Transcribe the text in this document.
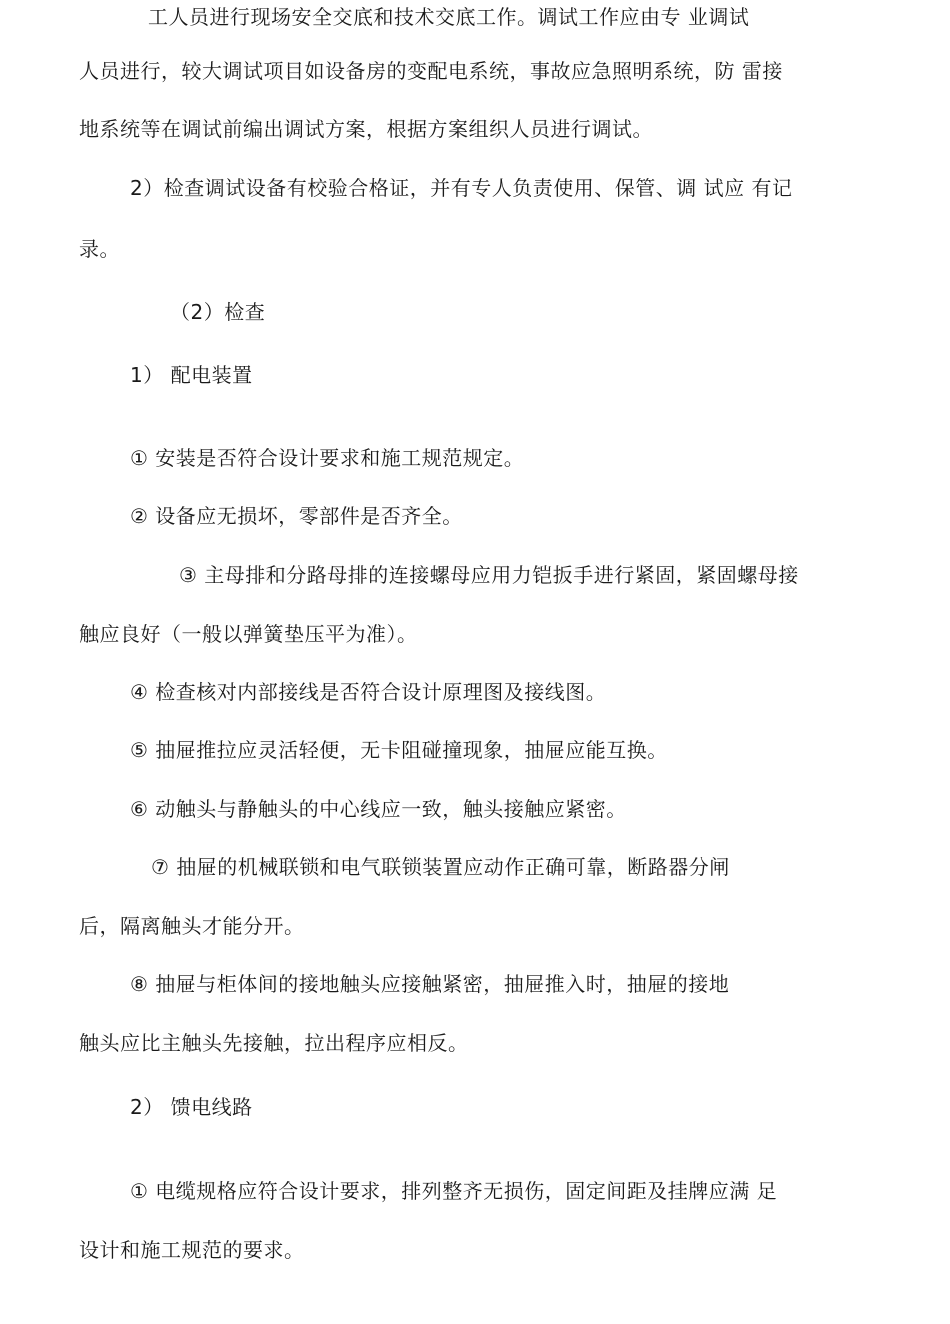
工人员进行现场安全交底和技术交底工作。调试工作应由专 业调试
人员进行，较大调试项目如设备房的变配电系统，事故应急照明系统，防 雷接
地系统等在调试前编出调试方案，根据方案组织人员进行调试。
2）检查调试设备有校验合格证，并有专人负责使用、保管、调 试应 有记
录。
（2）检查
1） 配电装置
① 安装是否符合设计要求和施工规范规定。
② 设备应无损坏，零部件是否齐全。
③ 主母排和分路母排的连接螺母应用力铠扳手进行紧固，紧固螺母接
触应良好（一般以弹簧垫压平为准）。
④ 检查核对内部接线是否符合设计原理图及接线图。
⑤ 抽屉推拉应灵活轻便，无卡阻碰撞现象，抽屉应能互换。
⑥ 动触头与静触头的中心线应一致，触头接触应紧密。
⑦ 抽屉的机械联锁和电气联锁装置应动作正确可靠，断路器分闸
后，隔离触头才能分开。
⑧ 抽屉与柜体间的接地触头应接触紧密，抽屉推入时，抽屉的接地
触头应比主触头先接触，拉出程序应相反。
2） 馈电线路
① 电缆规格应符合设计要求，排列整齐无损伤，固定间距及挂牌应满 足
设计和施工规范的要求。
